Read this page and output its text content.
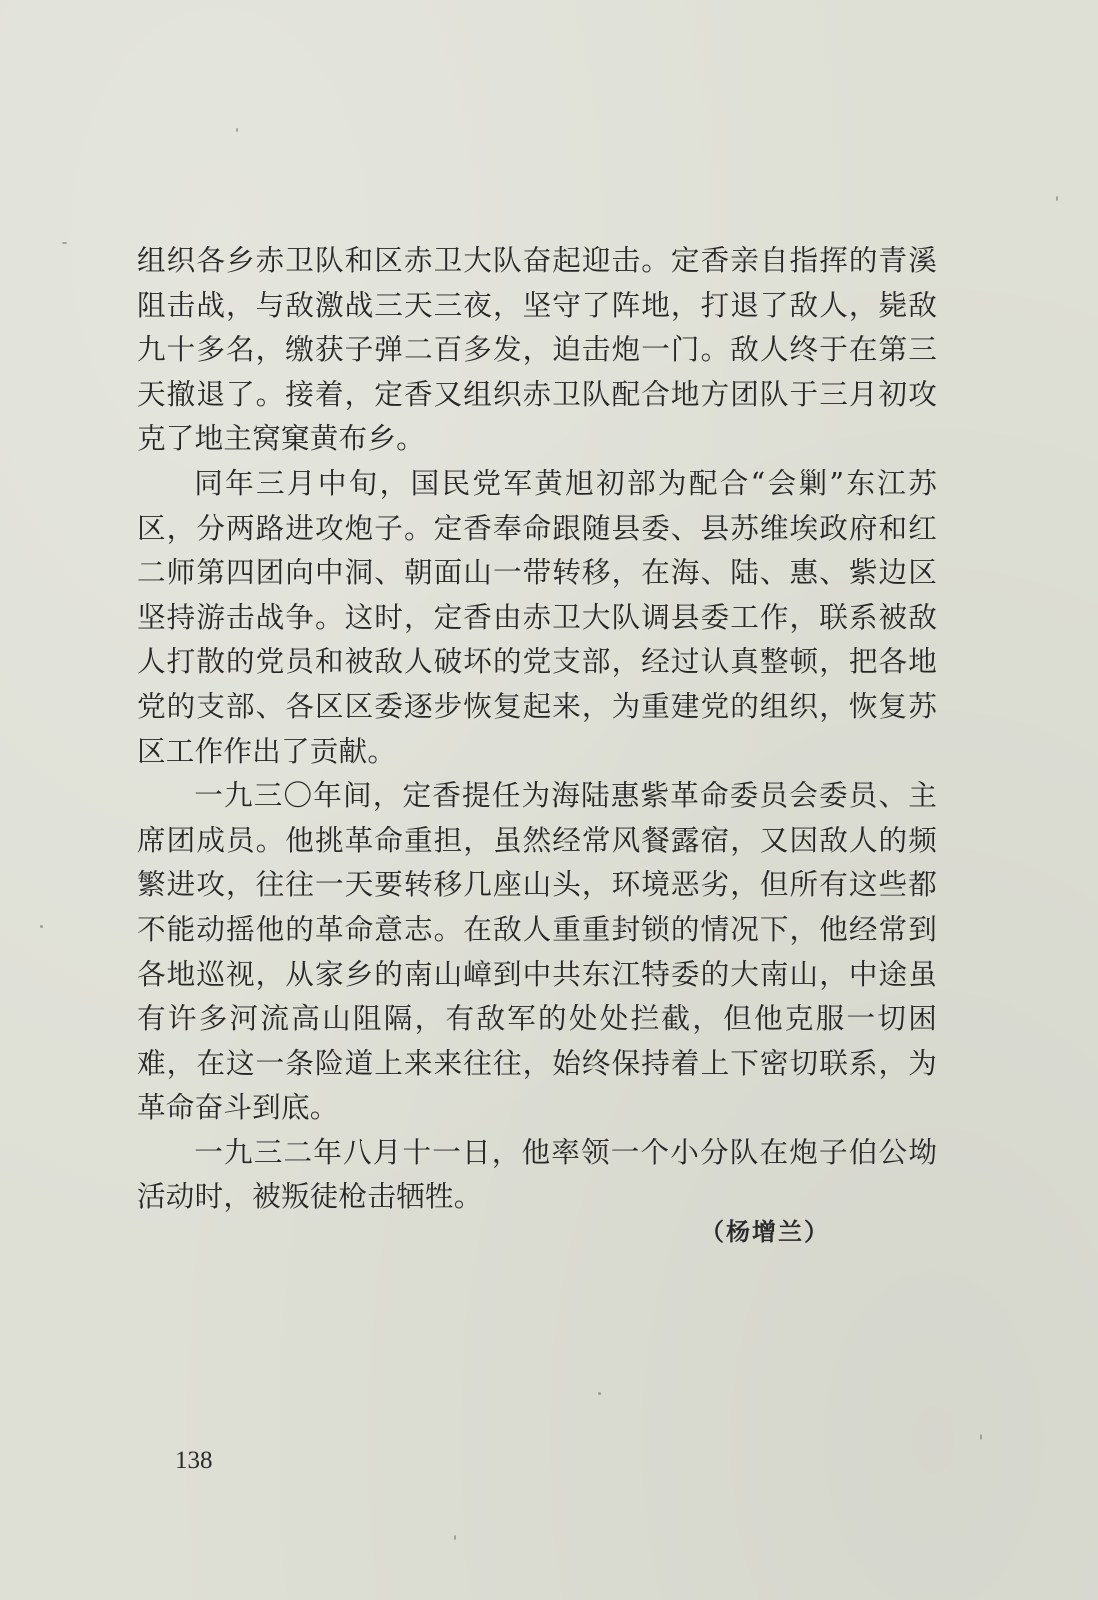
组织各乡赤卫队和区赤卫大队奋起迎击。定香亲自指挥的青溪阻击战，与敌激战三天三夜，坚守了阵地，打退了敌人，毙敌九十多名，缴获子弹二百多发，迫击炮一门。敌人终于在第三天撤退了。接着，定香又组织赤卫队配合地方团队于三月初攻克了地主窝窠黄布乡。

同年三月中旬，国民党军黄旭初部为配合“会剿”东江苏区，分两路进攻炮子。定香奉命跟随县委、县苏维埃政府和红二师第四团向中洞、朝面山一带转移，在海、陆、惠、紫边区坚持游击战争。这时，定香由赤卫大队调县委工作，联系被敌人打散的党员和被敌人破坏的党支部，经过认真整顿，把各地党的支部、各区区委逐步恢复起来，为重建党的组织，恢复苏区工作作出了贡献。

一九三〇年间，定香提任为海陆惠紫革命委员会委员、主席团成员。他挑革命重担，虽然经常风餐露宿，又因敌人的频繁进攻，往往一天要转移几座山头，环境恶劣，但所有这些都不能动摇他的革命意志。在敌人重重封锁的情况下，他经常到各地巡视，从家乡的南山嶂到中共东江特委的大南山，中途虽有许多河流高山阻隔，有敌军的处处拦截，但他克服一切困难，在这一条险道上来来往往，始终保持着上下密切联系，为革命奋斗到底。

一九三二年八月十一日，他率领一个小分队在炮子伯公坳活动时，被叛徒枪击牺牲。

（杨增兰）
138
